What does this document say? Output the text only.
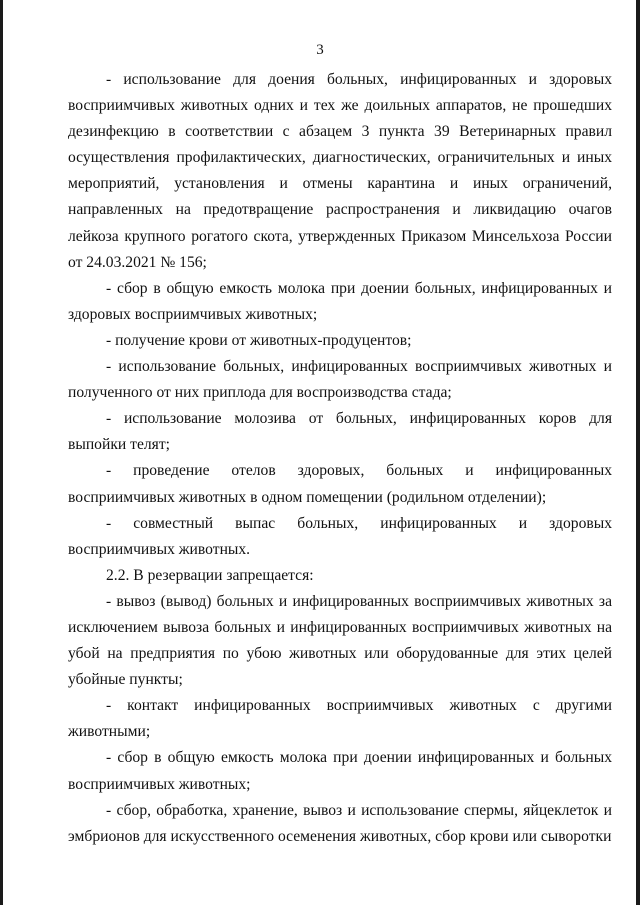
3

- использование для доения больных, инфицированных и здоровых восприимчивых животных одних и тех же доильных аппаратов, не прошедших дезинфекцию в соответствии с абзацем 3 пункта 39 Ветеринарных правил осуществления профилактических, диагностических, ограничительных и иных мероприятий, установления и отмены карантина и иных ограничений, направленных на предотвращение распространения и ликвидацию очагов лейкоза крупного рогатого скота, утвержденных Приказом Минсельхоза России от 24.03.2021 № 156;

- сбор в общую емкость молока при доении больных, инфицированных и здоровых восприимчивых животных;

- получение крови от животных-продуцентов;

- использование больных, инфицированных восприимчивых животных и полученного от них приплода для воспроизводства стада;

- использование молозива от больных, инфицированных коров для выпойки телят;

- проведение отелов здоровых, больных и инфицированных восприимчивых животных в одном помещении (родильном отделении);

- совместный выпас больных, инфицированных и здоровых восприимчивых животных.

2.2. В резервации запрещается:

- вывоз (вывод) больных и инфицированных восприимчивых животных за исключением вывоза больных и инфицированных восприимчивых животных на убой на предприятия по убою животных или оборудованные для этих целей убойные пункты;

- контакт инфицированных восприимчивых животных с другими животными;

- сбор в общую емкость молока при доении инфицированных и больных восприимчивых животных;

- сбор, обработка, хранение, вывоз и использование спермы, яйцеклеток и эмбрионов для искусственного осеменения животных, сбор крови или сыворотки
